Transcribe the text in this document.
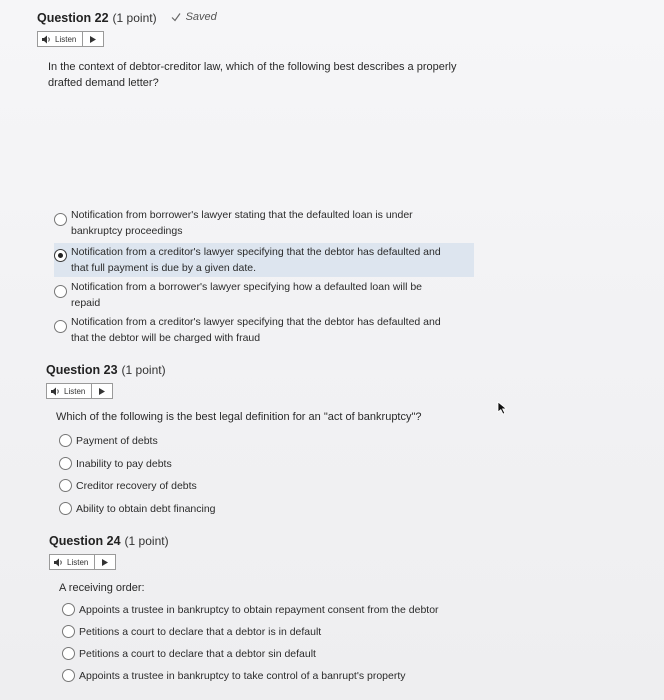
Question 22 (1 point)	Saved
Listen
In the context of debtor-creditor law, which of the following best describes a properly drafted demand letter?
Notification from borrower's lawyer stating that the defaulted loan is under
bankruptcy proceedings
Notification from a creditor's lawyer specifying that the debtor has defaulted and
that full payment is due by a given date.
Notification from a borrower's lawyer specifying how a defaulted loan will be
repaid
Notification from a creditor's lawyer specifying that the debtor has defaulted and
that the debtor will be charged with fraud
Question 23 (1 point)
Listen
Which of the following is the best legal definition for an "act of bankruptcy"?
Payment of debts
Inability to pay debts
Creditor recovery of debts
Ability to obtain debt financing
Question 24 (1 point)
Listen
A receiving order:
Appoints a trustee in bankruptcy to obtain repayment consent from the debtor
Petitions a court to declare that a debtor is in default
Petitions a court to declare that a debtor sin default
Appoints a trustee in bankruptcy to take control of a banrupt's property
